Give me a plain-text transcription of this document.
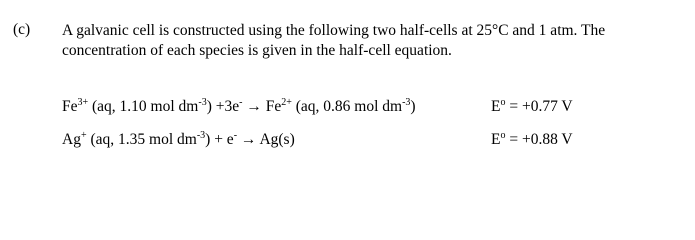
(c) A galvanic cell is constructed using the following two half-cells at 25°C and 1 atm. The
concentration of each species is given in the half-cell equation.
$Fe^{3+}$ (aq, 1.10 mol $dm^{-3}) +3e^- \to Fe^{2+}$ (aq, 0.86 mol $dm^{-3}$)	$E^o = +0.77$ V
Ag+ (aq, 1.35 mol $dm^{-3}) + e^- \to Ag(s)$	$E^o = +0.88$ V
